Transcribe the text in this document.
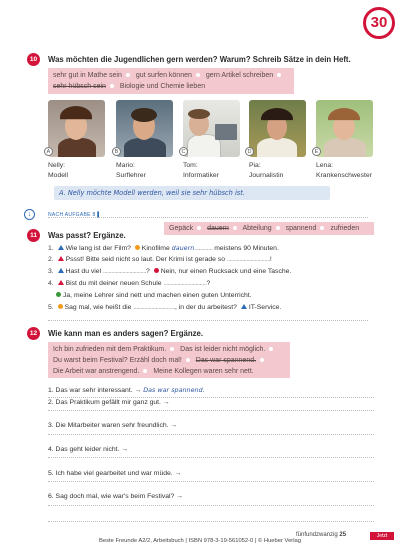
30
10	Was möchten die Jugendlichen gern werden? Warum? Schreib Sätze in dein Heft.
sehr gut in Mathe sein gut surfen können gern Artikel schreiben
sehr hübsch sein Biologie und Chemie lieben
A	B	C	D	E
Nelly:
Modell
Mario:
Surflehrer
Tom:
Informatiker
Pia:
Journalistin
Lena:
Krankenschwester
A. Nelly möchte Modell werden, weil sie sehr hübsch ist.
↓	NACH AUFGABE 8 ▌
11	Was passt? Ergänze.
Gepäck dauern Abteilung spannend zufrieden
1. Wie lang ist der Film? Kinofilme dauern............. meistens 90 Minuten.
2. Pssst! Bitte seid nicht so laut. Der Krimi ist gerade so ...............................!
3. Hast du viel ...............................? Nein, nur einen Rucksack und eine Tasche.
4. Bist du mit deiner neuen Schule ...............................?
Ja, meine Lehrer sind nett und machen einen guten Unterricht.
5. Sag mal, wie heißt die .............................., in der du arbeitest? IT-Service.
12	Wie kann man es anders sagen? Ergänze.
Ich bin zufrieden mit dem Praktikum. Das ist leider nicht möglich.
Du warst beim Festival? Erzähl doch mal! Das war spannend.
Die Arbeit war anstrengend. Meine Kollegen waren sehr nett.
1. Das war sehr interessant. → Das war spannend.
2. Das Praktikum gefällt mir ganz gut. →
3. Die Mitarbeiter waren sehr freundlich. →
4. Das geht leider nicht. →
5. Ich habe viel gearbeitet und war müde. →
6. Sag doch mal, wie war's beim Festival? →
fünfundzwanzig 25	Jetzt
Beste Freunde A2/2, Arbeitsbuch | ISBN 978-3-19-561052-0 | © Hueber Verlag
